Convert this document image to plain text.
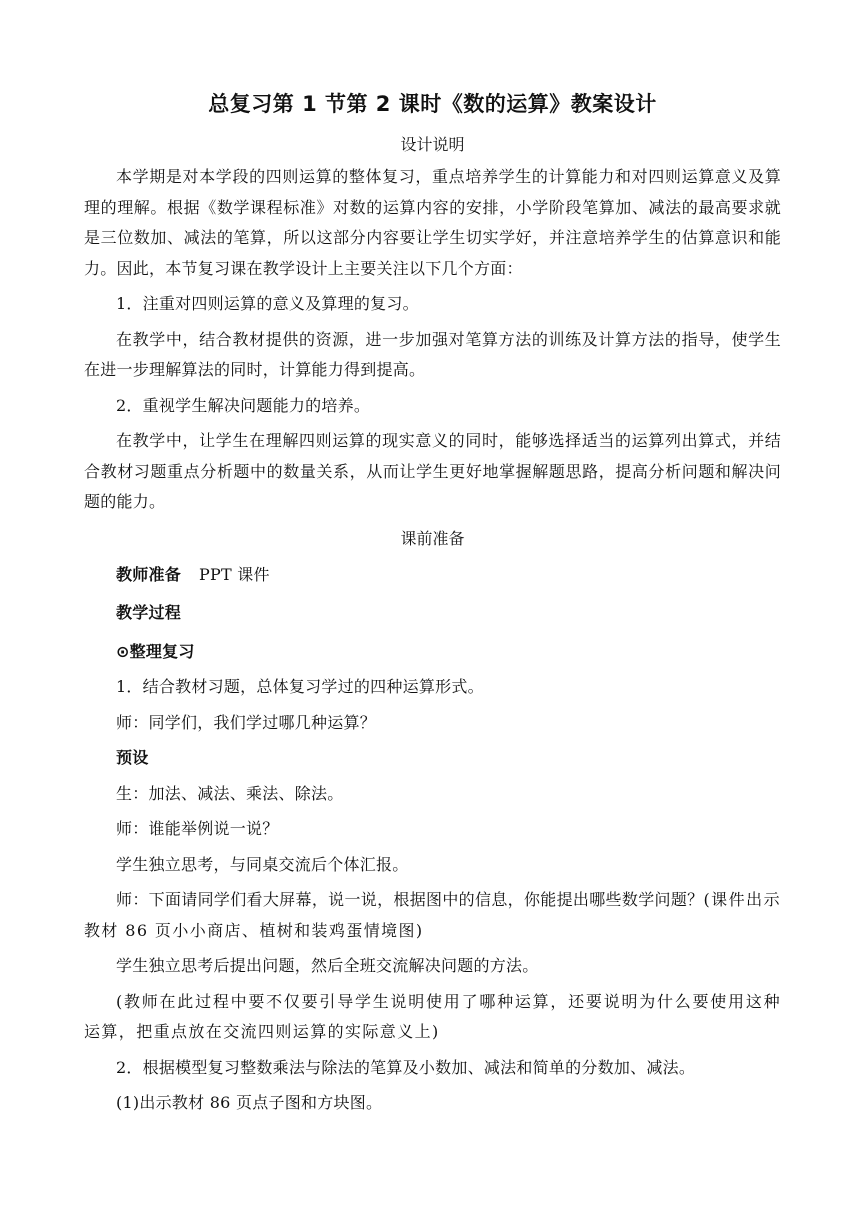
总复习第 1 节第 2 课时《数的运算》教案设计
设计说明

本学期是对本学段的四则运算的整体复习，重点培养学生的计算能力和对四则运算意义及算理的理解。根据《数学课程标准》对数的运算内容的安排，小学阶段笔算加、减法的最高要求就是三位数加、减法的笔算，所以这部分内容要让学生切实学好，并注意培养学生的估算意识和能力。因此，本节复习课在教学设计上主要关注以下几个方面：

1．注重对四则运算的意义及算理的复习。

在教学中，结合教材提供的资源，进一步加强对笔算方法的训练及计算方法的指导，使学生在进一步理解算法的同时，计算能力得到提高。

2．重视学生解决问题能力的培养。

在教学中，让学生在理解四则运算的现实意义的同时，能够选择适当的运算列出算式，并结合教材习题重点分析题中的数量关系，从而让学生更好地掌握解题思路，提高分析问题和解决问题的能力。

课前准备

教师准备 PPT 课件

教学过程

⊙整理复习

1．结合教材习题，总体复习学过的四种运算形式。

师：同学们，我们学过哪几种运算？

预设

生：加法、减法、乘法、除法。

师：谁能举例说一说？

学生独立思考，与同桌交流后个体汇报。

师：下面请同学们看大屏幕，说一说，根据图中的信息，你能提出哪些数学问题？(课件出示教材 86 页小小商店、植树和装鸡蛋情境图)

学生独立思考后提出问题，然后全班交流解决问题的方法。

(教师在此过程中要不仅要引导学生说明使用了哪种运算，还要说明为什么要使用这种运算，把重点放在交流四则运算的实际意义上)

2．根据模型复习整数乘法与除法的笔算及小数加、减法和简单的分数加、减法。

(1)出示教材 86 页点子图和方块图。
